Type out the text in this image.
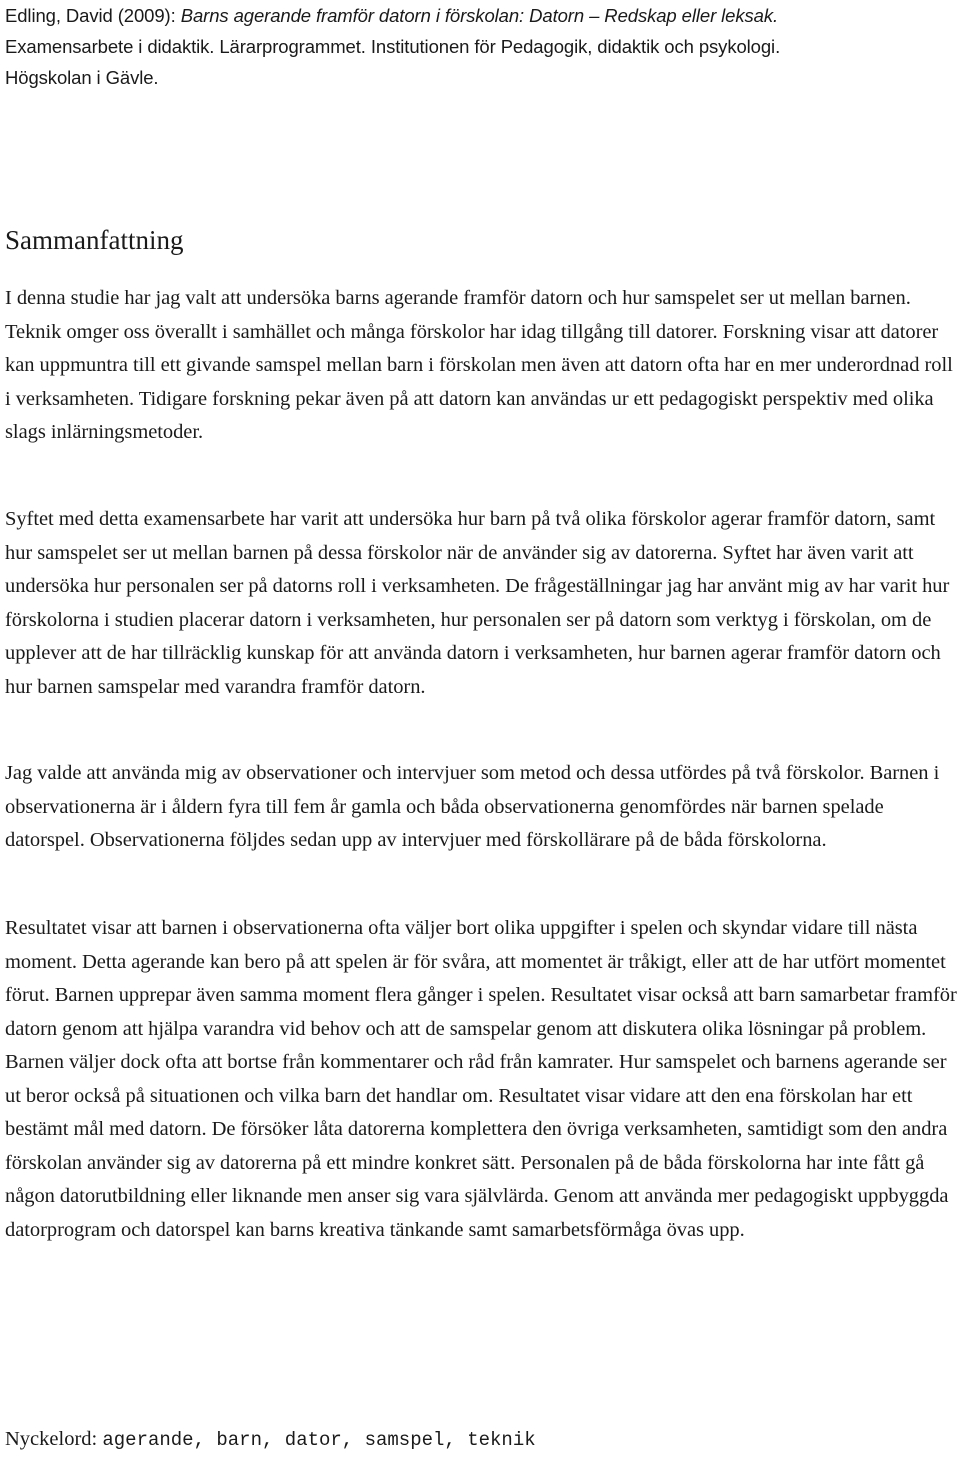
Edling, David (2009): Barns agerande framför datorn i förskolan: Datorn – Redskap eller leksak.
Examensarbete i didaktik. Lärarprogrammet. Institutionen för Pedagogik, didaktik och psykologi.
Högskolan i Gävle.
Sammanfattning

I denna studie har jag valt att undersöka barns agerande framför datorn och hur samspelet ser ut mellan barnen. Teknik omger oss överallt i samhället och många förskolor har idag tillgång till datorer. Forskning visar att datorer kan uppmuntra till ett givande samspel mellan barn i förskolan men även att datorn ofta har en mer underordnad roll i verksamheten. Tidigare forskning pekar även på att datorn kan användas ur ett pedagogiskt perspektiv med olika slags inlärningsmetoder.

Syftet med detta examensarbete har varit att undersöka hur barn på två olika förskolor agerar framför datorn, samt hur samspelet ser ut mellan barnen på dessa förskolor när de använder sig av datorerna. Syftet har även varit att undersöka hur personalen ser på datorns roll i verksamheten. De frågeställningar jag har använt mig av har varit hur förskolorna i studien placerar datorn i verksamheten, hur personalen ser på datorn som verktyg i förskolan, om de upplever att de har tillräcklig kunskap för att använda datorn i verksamheten, hur barnen agerar framför datorn och hur barnen samspelar med varandra framför datorn.

Jag valde att använda mig av observationer och intervjuer som metod och dessa utfördes på två förskolor. Barnen i observationerna är i åldern fyra till fem år gamla och båda observationerna genomfördes när barnen spelade datorspel. Observationerna följdes sedan upp av intervjuer med förskollärare på de båda förskolorna.

Resultatet visar att barnen i observationerna ofta väljer bort olika uppgifter i spelen och skyndar vidare till nästa moment. Detta agerande kan bero på att spelen är för svåra, att momentet är tråkigt, eller att de har utfört momentet förut. Barnen upprepar även samma moment flera gånger i spelen. Resultatet visar också att barn samarbetar framför datorn genom att hjälpa varandra vid behov och att de samspelar genom att diskutera olika lösningar på problem. Barnen väljer dock ofta att bortse från kommentarer och råd från kamrater. Hur samspelet och barnens agerande ser ut beror också på situationen och vilka barn det handlar om. Resultatet visar vidare att den ena förskolan har ett bestämt mål med datorn. De försöker låta datorerna komplettera den övriga verksamheten, samtidigt som den andra förskolan använder sig av datorerna på ett mindre konkret sätt. Personalen på de båda förskolorna har inte fått gå någon datorutbildning eller liknande men anser sig vara självlärda. Genom att använda mer pedagogiskt uppbyggda datorprogram och datorspel kan barns kreativa tänkande samt samarbetsförmåga övas upp.

Nyckelord: agerande, barn, dator, samspel, teknik
